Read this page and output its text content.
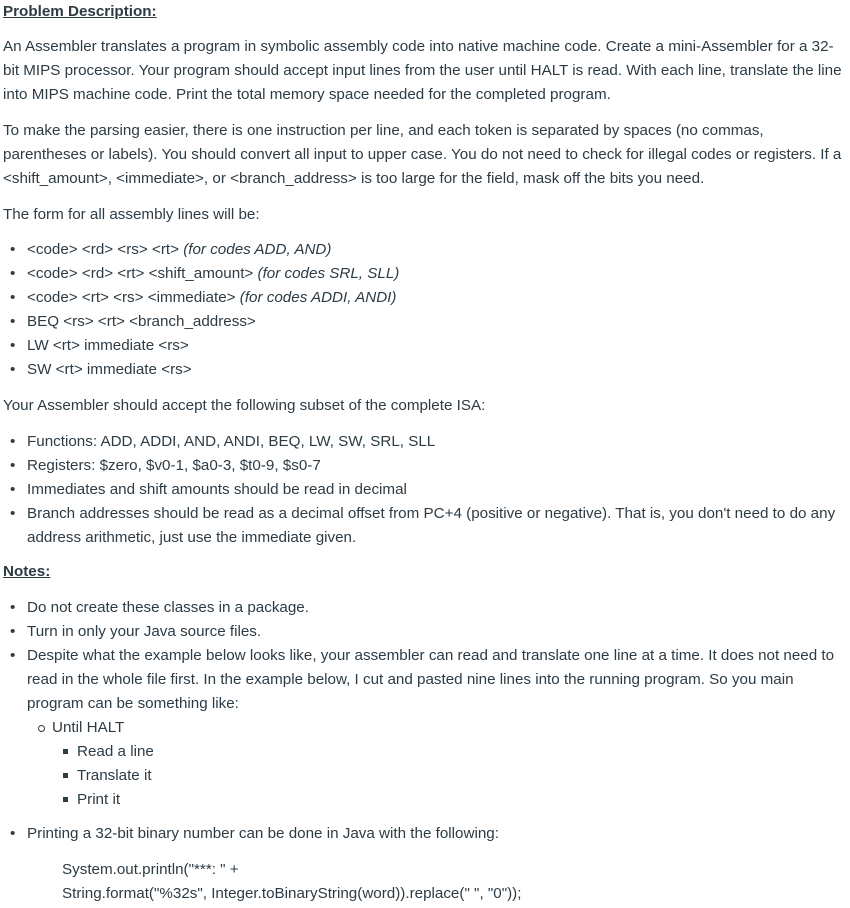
Problem Description:

An Assembler translates a program in symbolic assembly code into native machine code. Create a mini-Assembler for a 32-bit MIPS processor. Your program should accept input lines from the user until HALT is read. With each line, translate the line into MIPS machine code. Print the total memory space needed for the completed program.

To make the parsing easier, there is one instruction per line, and each token is separated by spaces (no commas, parentheses or labels). You should convert all input to upper case. You do not need to check for illegal codes or registers. If a <shift_amount>, <immediate>, or <branch_address> is too large for the field, mask off the bits you need.

The form for all assembly lines will be:

• <code> <rd> <rs> <rt> (for codes ADD, AND)
• <code> <rd> <rt> <shift_amount> (for codes SRL, SLL)
• <code> <rt> <rs> <immediate> (for codes ADDI, ANDI)
• BEQ <rs> <rt> <branch_address>
• LW <rt> immediate <rs>
• SW <rt> immediate <rs>

Your Assembler should accept the following subset of the complete ISA:

• Functions: ADD, ADDI, AND, ANDI, BEQ, LW, SW, SRL, SLL
• Registers: $zero, $v0-1, $a0-3, $t0-9, $s0-7
• Immediates and shift amounts should be read in decimal
• Branch addresses should be read as a decimal offset from PC+4 (positive or negative). That is, you don't need to do any address arithmetic, just use the immediate given.

Notes:

• Do not create these classes in a package.
• Turn in only your Java source files.
• Despite what the example below looks like, your assembler can read and translate one line at a time. It does not need to read in the whole file first. In the example below, I cut and pasted nine lines into the running program. So you main program can be something like:
Until HALT
Read a line
Translate it
Print it
• Printing a 32-bit binary number can be done in Java with the following:
System.out.println("***: " +
String.format("%32s", Integer.toBinaryString(word)).replace(" ", "0"));
